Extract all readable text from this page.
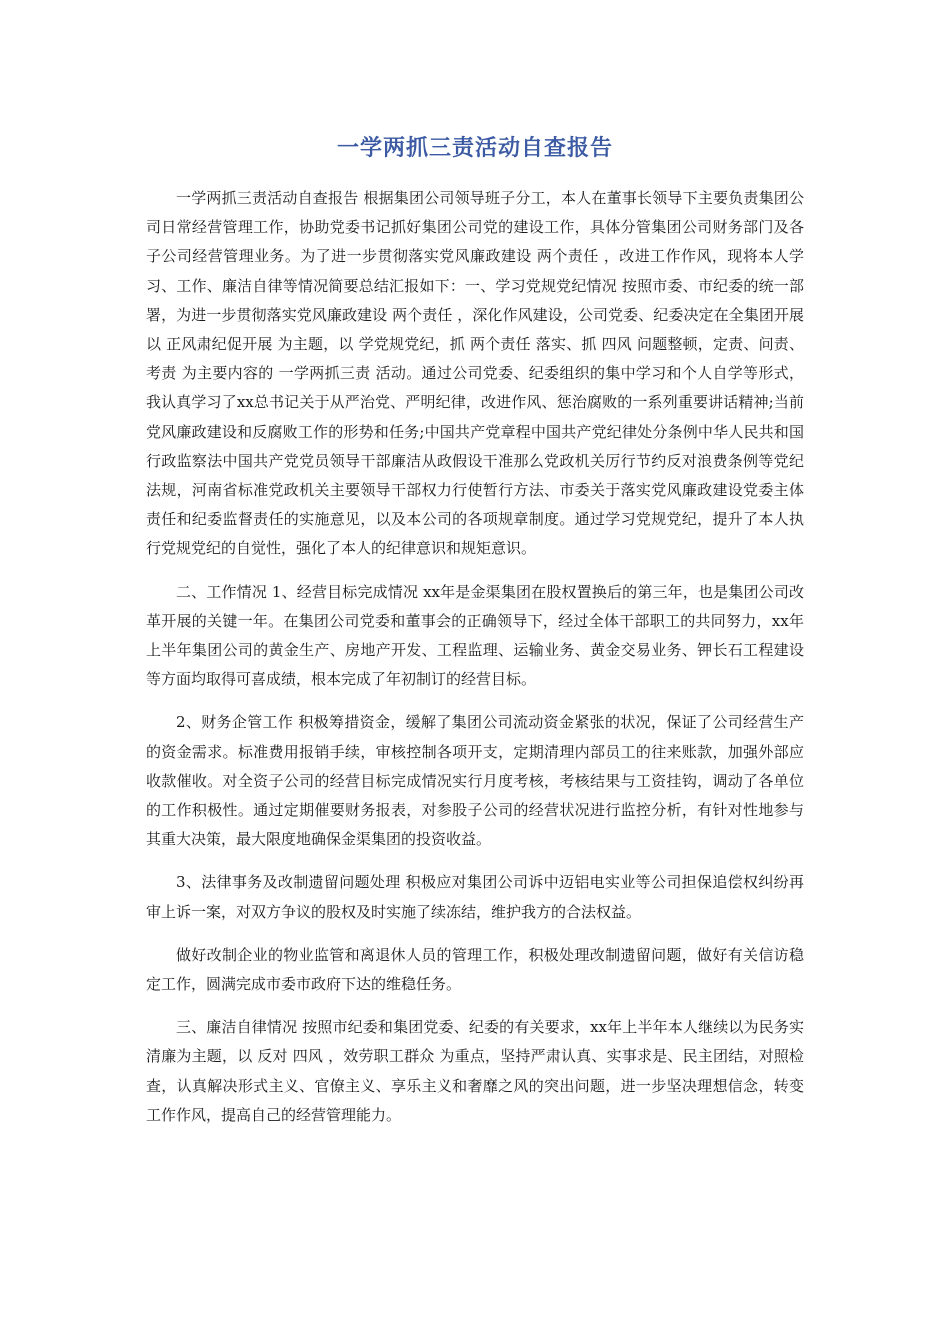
一学两抓三责活动自查报告

一学两抓三责活动自查报告 根据集团公司领导班子分工，本人在董事长领导下主要负责集团公司日常经营管理工作，协助党委书记抓好集团公司党的建设工作，具体分管集团公司财务部门及各子公司经营管理业务。为了进一步贯彻落实党风廉政建设 两个责任 ，改进工作作风，现将本人学习、工作、廉洁自律等情况简要总结汇报如下：一、学习党规党纪情况 按照市委、市纪委的统一部署，为进一步贯彻落实党风廉政建设 两个责任 ，深化作风建设，公司党委、纪委决定在全集团开展以 正风肃纪促开展 为主题，以 学党规党纪，抓 两个责任 落实、抓 四风 问题整顿，定责、问责、考责 为主要内容的 一学两抓三责 活动。通过公司党委、纪委组织的集中学习和个人自学等形式，我认真学习了xx总书记关于从严治党、严明纪律，改进作风、惩治腐败的一系列重要讲话精神;当前党风廉政建设和反腐败工作的形势和任务;中国共产党章程中国共产党纪律处分条例中华人民共和国行政监察法中国共产党党员领导干部廉洁从政假设干准那么党政机关厉行节约反对浪费条例等党纪法规，河南省标准党政机关主要领导干部权力行使暂行方法、市委关于落实党风廉政建设党委主体责任和纪委监督责任的实施意见，以及本公司的各项规章制度。通过学习党规党纪，提升了本人执行党规党纪的自觉性，强化了本人的纪律意识和规矩意识。

二、工作情况 1、经营目标完成情况 xx年是金渠集团在股权置换后的第三年，也是集团公司改革开展的关键一年。在集团公司党委和董事会的正确领导下，经过全体干部职工的共同努力，xx年上半年集团公司的黄金生产、房地产开发、工程监理、运输业务、黄金交易业务、钾长石工程建设等方面均取得可喜成绩，根本完成了年初制订的经营目标。

2、财务企管工作 积极筹措资金，缓解了集团公司流动资金紧张的状况，保证了公司经营生产的资金需求。标准费用报销手续，审核控制各项开支，定期清理内部员工的往来账款，加强外部应收款催收。对全资子公司的经营目标完成情况实行月度考核，考核结果与工资挂钩，调动了各单位的工作积极性。通过定期催要财务报表，对参股子公司的经营状况进行监控分析，有针对性地参与其重大决策，最大限度地确保金渠集团的投资收益。

3、法律事务及改制遗留问题处理 积极应对集团公司诉中迈铝电实业等公司担保追偿权纠纷再审上诉一案，对双方争议的股权及时实施了续冻结，维护我方的合法权益。

做好改制企业的物业监管和离退休人员的管理工作，积极处理改制遗留问题，做好有关信访稳定工作，圆满完成市委市政府下达的维稳任务。

三、廉洁自律情况 按照市纪委和集团党委、纪委的有关要求，xx年上半年本人继续以为民务实清廉为主题，以 反对 四风 ，效劳职工群众 为重点，坚持严肃认真、实事求是、民主团结，对照检查，认真解决形式主义、官僚主义、享乐主义和奢靡之风的突出问题，进一步坚决理想信念，转变工作作风，提高自己的经营管理能力。
